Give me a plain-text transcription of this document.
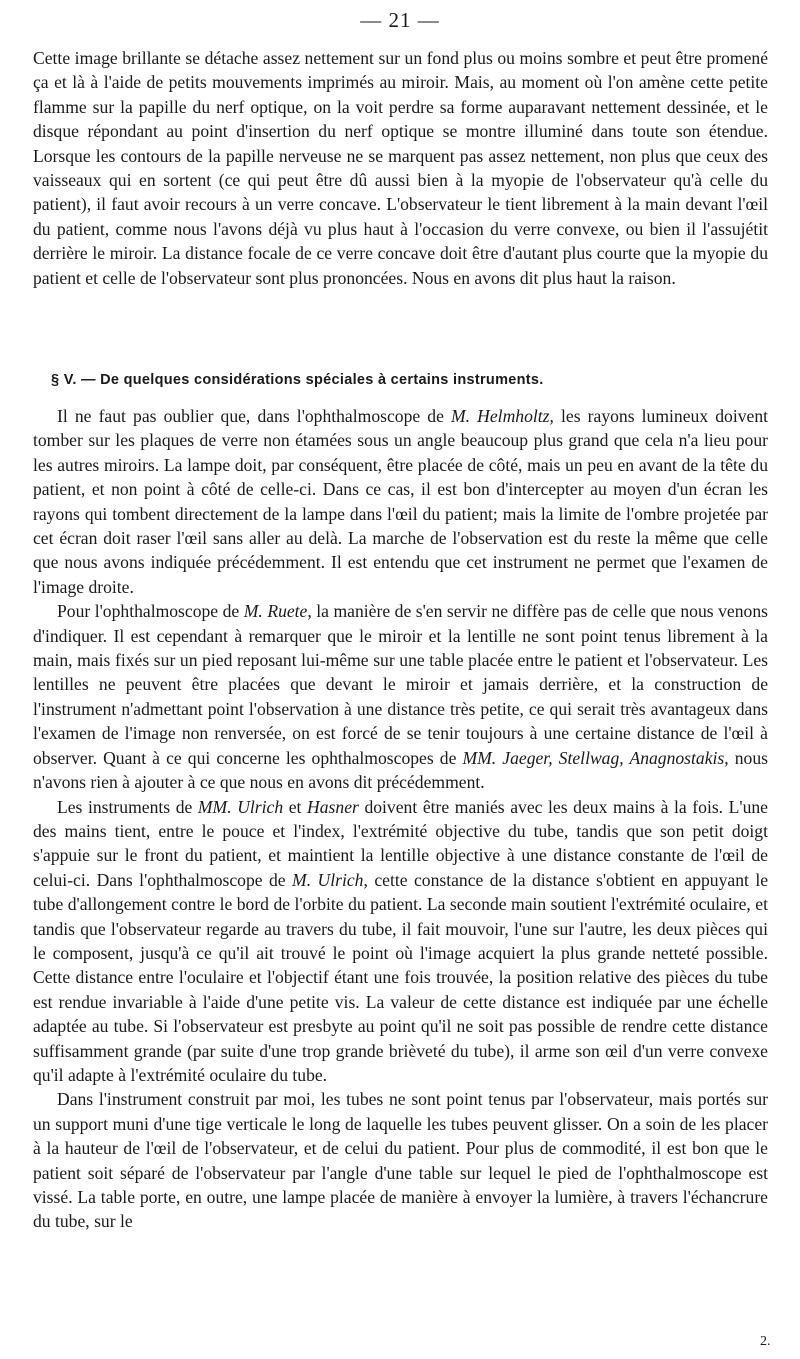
— 21 —

Cette image brillante se détache assez nettement sur un fond plus ou moins sombre et peut être promené ça et là à l'aide de petits mouvements imprimés au miroir. Mais, au moment où l'on amène cette petite flamme sur la papille du nerf optique, on la voit perdre sa forme auparavant nettement dessinée, et le disque répondant au point d'insertion du nerf optique se montre illuminé dans toute son étendue. Lorsque les contours de la papille nerveuse ne se marquent pas assez nettement, non plus que ceux des vaisseaux qui en sortent (ce qui peut être dû aussi bien à la myopie de l'observateur qu'à celle du patient), il faut avoir recours à un verre concave. L'observateur le tient librement à la main devant l'œil du patient, comme nous l'avons déjà vu plus haut à l'occasion du verre convexe, ou bien il l'assujétit derrière le miroir. La distance focale de ce verre concave doit être d'autant plus courte que la myopie du patient et celle de l'observateur sont plus prononcées. Nous en avons dit plus haut la raison.

§ V. — De quelques considérations spéciales à certains instruments.

Il ne faut pas oublier que, dans l'ophthalmoscope de M. Helmholtz, les rayons lumineux doivent tomber sur les plaques de verre non étamées sous un angle beaucoup plus grand que cela n'a lieu pour les autres miroirs. La lampe doit, par conséquent, être placée de côté, mais un peu en avant de la tête du patient, et non point à côté de celle-ci. Dans ce cas, il est bon d'intercepter au moyen d'un écran les rayons qui tombent directement de la lampe dans l'œil du patient; mais la limite de l'ombre projetée par cet écran doit raser l'œil sans aller au delà. La marche de l'observation est du reste la même que celle que nous avons indiquée précédemment. Il est entendu que cet instrument ne permet que l'examen de l'image droite.

Pour l'ophthalmoscope de M. Ruete, la manière de s'en servir ne diffère pas de celle que nous venons d'indiquer. Il est cependant à remarquer que le miroir et la lentille ne sont point tenus librement à la main, mais fixés sur un pied reposant lui-même sur une table placée entre le patient et l'observateur. Les lentilles ne peuvent être placées que devant le miroir et jamais derrière, et la construction de l'instrument n'admettant point l'observation à une distance très petite, ce qui serait très avantageux dans l'examen de l'image non renversée, on est forcé de se tenir toujours à une certaine distance de l'œil à observer. Quant à ce qui concerne les ophthalmoscopes de MM. Jaeger, Stellwag, Anagnostakis, nous n'avons rien à ajouter à ce que nous en avons dit précédemment.

Les instruments de MM. Ulrich et Hasner doivent être maniés avec les deux mains à la fois. L'une des mains tient, entre le pouce et l'index, l'extrémité objective du tube, tandis que son petit doigt s'appuie sur le front du patient, et maintient la lentille objective à une distance constante de l'œil de celui-ci. Dans l'ophthalmoscope de M. Ulrich, cette constance de la distance s'obtient en appuyant le tube d'allongement contre le bord de l'orbite du patient. La seconde main soutient l'extrémité oculaire, et tandis que l'observateur regarde au travers du tube, il fait mouvoir, l'une sur l'autre, les deux pièces qui le composent, jusqu'à ce qu'il ait trouvé le point où l'image acquiert la plus grande netteté possible. Cette distance entre l'oculaire et l'objectif étant une fois trouvée, la position relative des pièces du tube est rendue invariable à l'aide d'une petite vis. La valeur de cette distance est indiquée par une échelle adaptée au tube. Si l'observateur est presbyte au point qu'il ne soit pas possible de rendre cette distance suffisamment grande (par suite d'une trop grande brièveté du tube), il arme son œil d'un verre convexe qu'il adapte à l'extrémité oculaire du tube.

Dans l'instrument construit par moi, les tubes ne sont point tenus par l'observateur, mais portés sur un support muni d'une tige verticale le long de laquelle les tubes peuvent glisser. On a soin de les placer à la hauteur de l'œil de l'observateur, et de celui du patient. Pour plus de commodité, il est bon que le patient soit séparé de l'observateur par l'angle d'une table sur lequel le pied de l'ophthalmoscope est vissé. La table porte, en outre, une lampe placée de manière à envoyer la lumière, à travers l'échancrure du tube, sur le

2.
